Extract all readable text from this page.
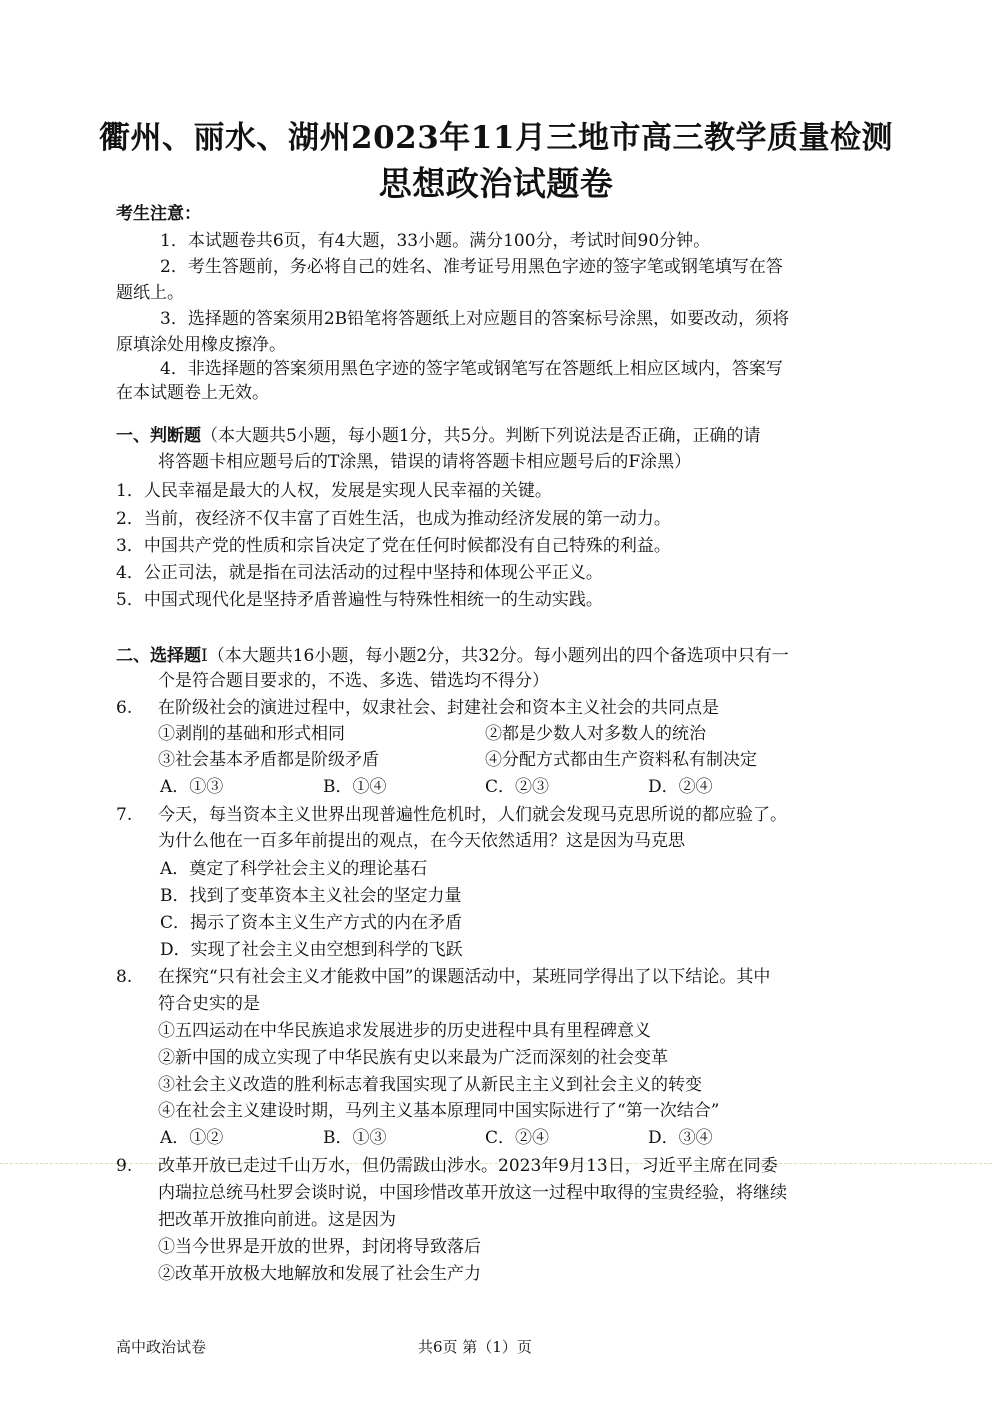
衢州、丽水、湖州2023年11月三地市高三教学质量检测
思想政治试题卷
考生注意：
1．本试题卷共6页，有4大题，33小题。满分100分，考试时间90分钟。
2．考生答题前，务必将自己的姓名、准考证号用黑色字迹的签字笔或钢笔填写在答
题纸上。
3．选择题的答案须用2B铅笔将答题纸上对应题目的答案标号涂黑，如要改动，须将
原填涂处用橡皮擦净。
4．非选择题的答案须用黑色字迹的签字笔或钢笔写在答题纸上相应区域内，答案写
在本试题卷上无效。
一、判断题（本大题共5小题，每小题1分，共5分。判断下列说法是否正确，正确的请
将答题卡相应题号后的T涂黑，错误的请将答题卡相应题号后的F涂黑）
1．人民幸福是最大的人权，发展是实现人民幸福的关键。
2．当前，夜经济不仅丰富了百姓生活，也成为推动经济发展的第一动力。
3．中国共产党的性质和宗旨决定了党在任何时候都没有自己特殊的利益。
4．公正司法，就是指在司法活动的过程中坚持和体现公平正义。
5．中国式现代化是坚持矛盾普遍性与特殊性相统一的生动实践。
二、选择题Ⅰ（本大题共16小题，每小题2分，共32分。每小题列出的四个备选项中只有一
个是符合题目要求的，不选、多选、错选均不得分）
6. 在阶级社会的演进过程中，奴隶社会、封建社会和资本主义社会的共同点是
①剥削的基础和形式相同	②都是少数人对多数人的统治
③社会基本矛盾都是阶级矛盾	④分配方式都由生产资料私有制决定
A．①③	B．①④	C．②③	D．②④
7. 今天，每当资本主义世界出现普遍性危机时，人们就会发现马克思所说的都应验了。
为什么他在一百多年前提出的观点，在今天依然适用？这是因为马克思
A．奠定了科学社会主义的理论基石
B．找到了变革资本主义社会的坚定力量
C．揭示了资本主义生产方式的内在矛盾
D．实现了社会主义由空想到科学的飞跃
8. 在探究“只有社会主义才能救中国”的课题活动中，某班同学得出了以下结论。其中
符合史实的是
①五四运动在中华民族追求发展进步的历史进程中具有里程碑意义
②新中国的成立实现了中华民族有史以来最为广泛而深刻的社会变革
③社会主义改造的胜利标志着我国实现了从新民主主义到社会主义的转变
④在社会主义建设时期，马列主义基本原理同中国实际进行了“第一次结合”
A．①②	B．①③	C．②④	D．③④
9. 改革开放已走过千山万水，但仍需跋山涉水。2023年9月13日，习近平主席在同委
内瑞拉总统马杜罗会谈时说，中国珍惜改革开放这一过程中取得的宝贵经验，将继续
把改革开放推向前进。这是因为
①当今世界是开放的世界，封闭将导致落后
②改革开放极大地解放和发展了社会生产力
高中政治试卷	共6页 第（1）页
